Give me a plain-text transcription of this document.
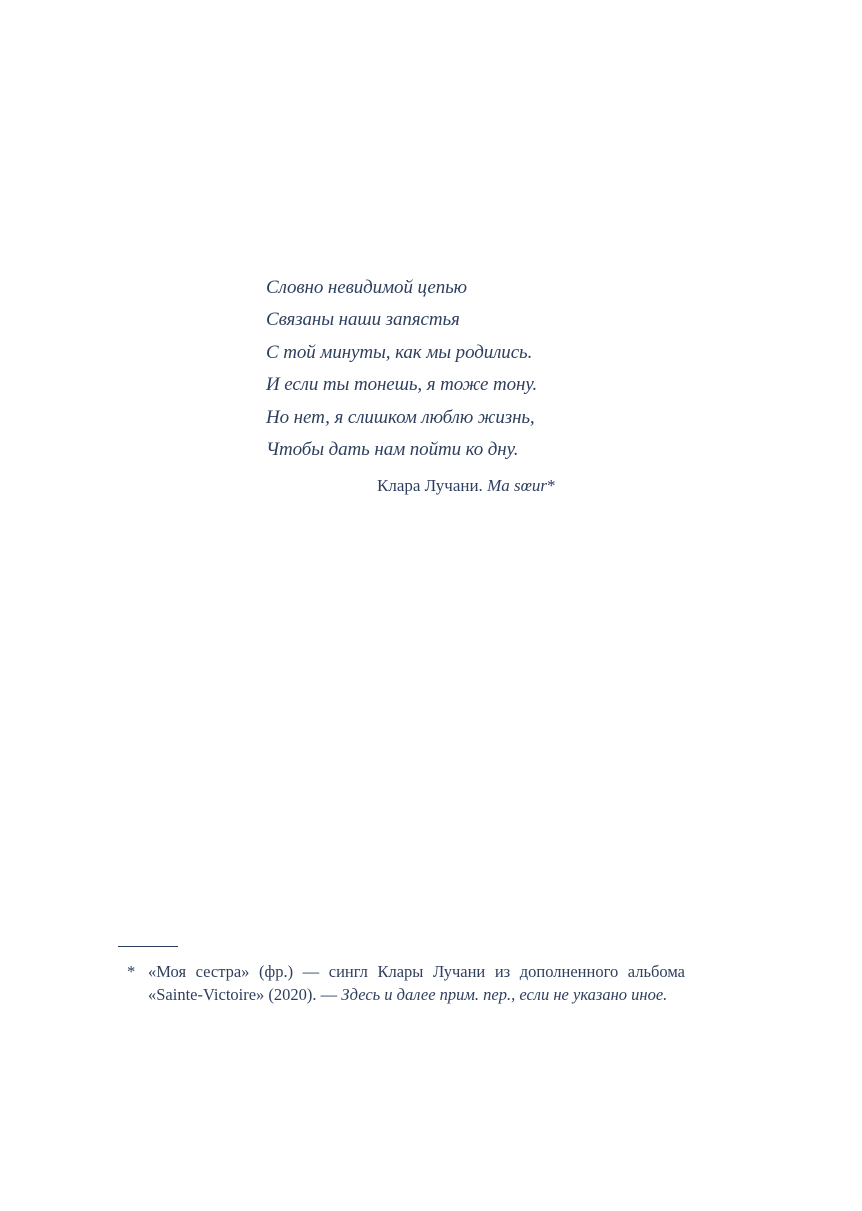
Словно невидимой цепью
Связаны наши запястья
С той минуты, как мы родились.
И если ты тонешь, я тоже тону.
Но нет, я слишком люблю жизнь,
Чтобы дать нам пойти ко дну.
Клара Лучани. Ma sœur*
* «Моя сестра» (фр.) — сингл Клары Лучани из дополненного альбома «Sainte-Victoire» (2020). — Здесь и далее прим. пер., если не указано иное.
